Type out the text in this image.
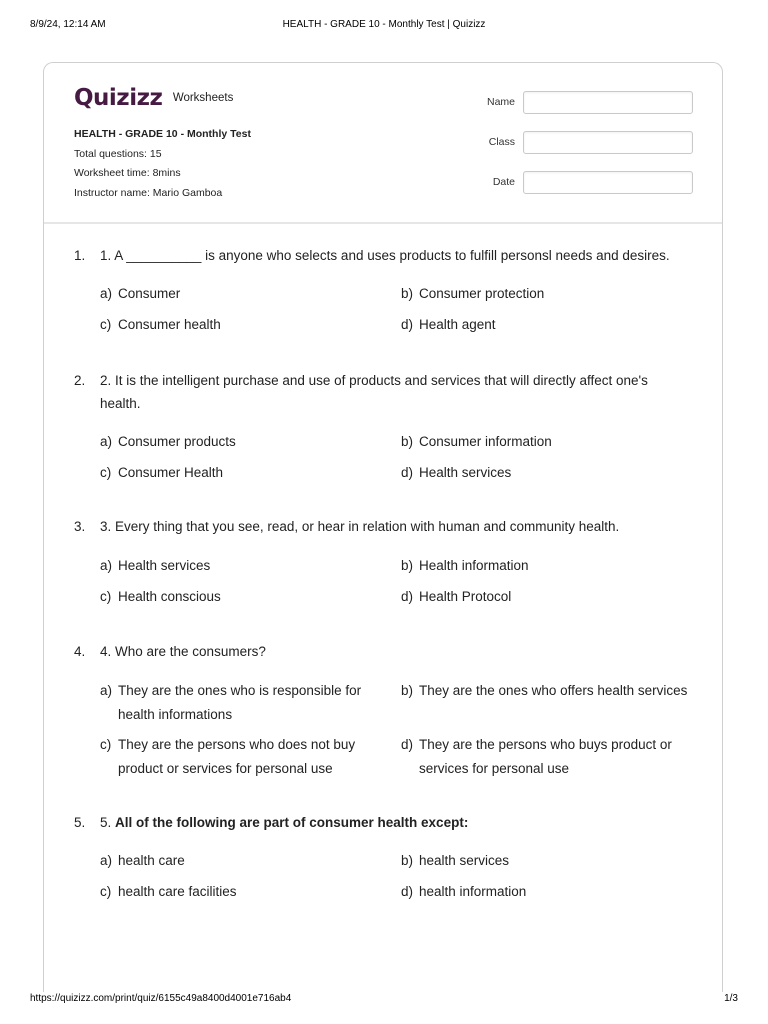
8/9/24, 12:14 AM	HEALTH - GRADE 10 - Monthly Test | Quizizz
Quizizz Worksheets
HEALTH - GRADE 10 - Monthly Test
Total questions: 15
Worksheet time: 8mins
Instructor name: Mario Gamboa
Name
Class
Date
1. 1. A __________ is anyone who selects and uses products to fulfill personsl needs and desires.
a) Consumer	b) Consumer protection
c) Consumer health	d) Health agent
2. 2. It is the intelligent purchase and use of products and services that will directly affect one's health.
a) Consumer products	b) Consumer information
c) Consumer Health	d) Health services
3. 3. Every thing that you see, read, or hear in relation with human and community health.
a) Health services	b) Health information
c) Health conscious	d) Health Protocol
4. 4. Who are the consumers?
a) They are the ones who is responsible for health informations
b) They are the ones who offers health services
c) They are the persons who does not buy product or services for personal use
d) They are the persons who buys product or services for personal use
5. 5. All of the following are part of consumer health except:
a) health care	b) health services
c) health care facilities	d) health information
https://quizizz.com/print/quiz/6155c49a8400d4001e716ab4	1/3
